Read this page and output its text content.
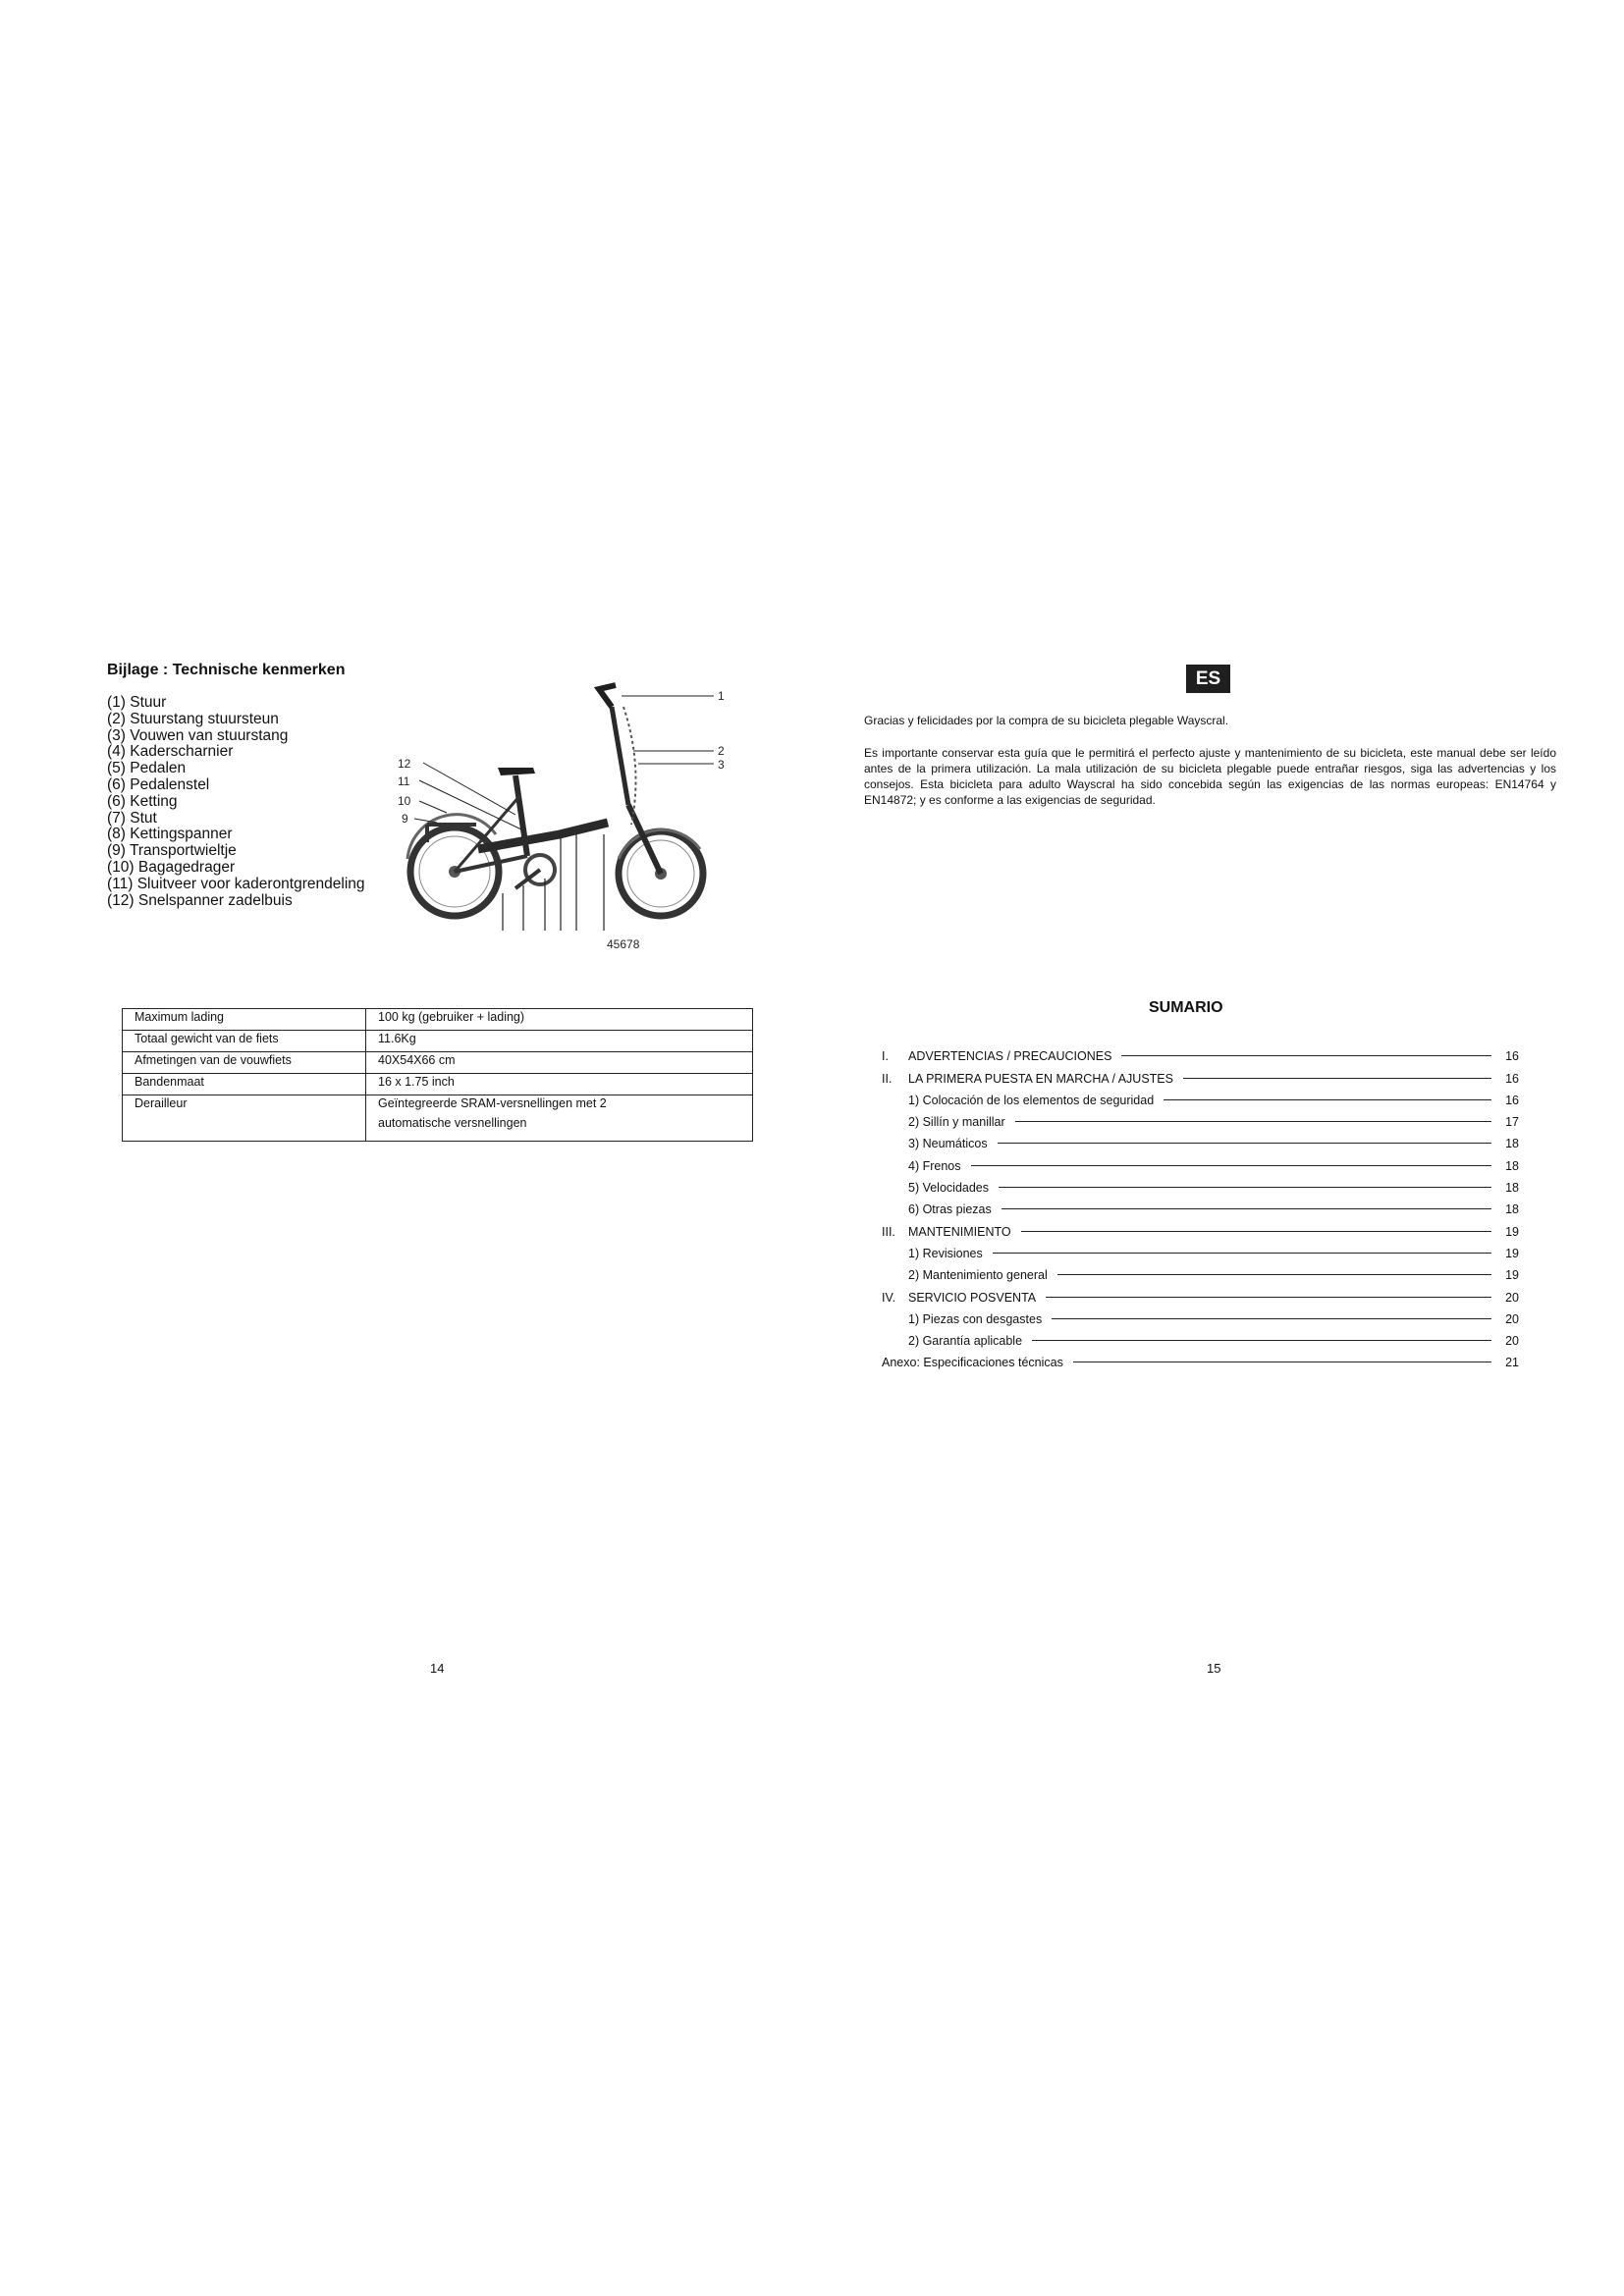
Bijlage : Technische kenmerken
(1) Stuur
(2) Stuurstang stuursteun
(3) Vouwen van stuurstang
(4) Kaderscharnier
(5) Pedalen
(6) Pedalenstel
(6) Ketting
(7) Stut
(8) Kettingspanner
(9) Transportwieltje
(10) Bagagedrager
(11) Sluitveer voor kaderontgrendeling
(12) Snelspanner zadelbuis
1
2
3
12
11
10
9
45678
Maximum lading	100 kg (gebruiker + lading)
Totaal gewicht van de fiets	11.6Kg
Afmetingen van de vouwfiets	40X54X66 cm
Bandenmaat	16 x 1.75 inch
Derailleur	Geïntegreerde SRAM-versnellingen met 2
automatische versnellingen
14
ES
Gracias y felicidades por la compra de su bicicleta plegable Wayscral.

Es importante conservar esta guía que le permitirá el perfecto ajuste y mantenimiento de su bicicleta, este manual debe ser leído antes de la primera utilización. La mala utilización de su bicicleta plegable puede entrañar riesgos, siga las advertencias y los consejos. Esta bicicleta para adulto Wayscral ha sido concebida según las exigencias de las normas europeas: EN14764 y EN14872; y es conforme a las exigencias de seguridad.

SUMARIO
I. ADVERTENCIAS / PRECAUCIONES	16
II. LA PRIMERA PUESTA EN MARCHA / AJUSTES	16
1) Colocación de los elementos de seguridad	16
2) Sillín y manillar	17
3) Neumáticos	18
4) Frenos	18
5) Velocidades	18
6) Otras piezas	18
III. MANTENIMIENTO	19
1) Revisiones	19
2) Mantenimiento general	19
IV. SERVICIO POSVENTA	20
1) Piezas con desgastes	20
2) Garantía aplicable	20
Anexo: Especificaciones técnicas	21
15
